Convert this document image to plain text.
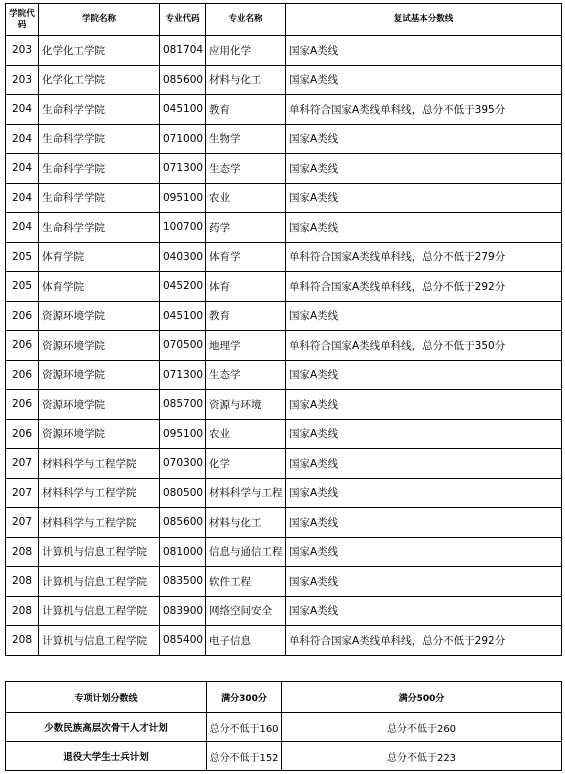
学院代码	学院名称	专业代码	专业名称	复试基本分数线
203	化学化工学院	081704	应用化学	国家A类线
203	化学化工学院	085600	材料与化工	国家A类线
204	生命科学学院	045100	教育	单科符合国家A类线单科线，总分不低于395分
204	生命科学学院	071000	生物学	国家A类线
204	生命科学学院	071300	生态学	国家A类线
204	生命科学学院	095100	农业	国家A类线
204	生命科学学院	100700	药学	国家A类线
205	体育学院	040300	体育学	单科符合国家A类线单科线，总分不低于279分
205	体育学院	045200	体育	单科符合国家A类线单科线，总分不低于292分
206	资源环境学院	045100	教育	国家A类线
206	资源环境学院	070500	地理学	单科符合国家A类线单科线，总分不低于350分
206	资源环境学院	071300	生态学	国家A类线
206	资源环境学院	085700	资源与环境	国家A类线
206	资源环境学院	095100	农业	国家A类线
207	材料科学与工程学院	070300	化学	国家A类线
207	材料科学与工程学院	080500	材料科学与工程	国家A类线
207	材料科学与工程学院	085600	材料与化工	国家A类线
208	计算机与信息工程学院	081000	信息与通信工程	国家A类线
208	计算机与信息工程学院	083500	软件工程	国家A类线
208	计算机与信息工程学院	083900	网络空间安全	国家A类线
208	计算机与信息工程学院	085400	电子信息	单科符合国家A类线单科线，总分不低于292分
专项计划分数线	满分300分	满分500分
少数民族高层次骨干人才计划	总分不低于160	总分不低于260
退役大学生士兵计划	总分不低于152	总分不低于223
